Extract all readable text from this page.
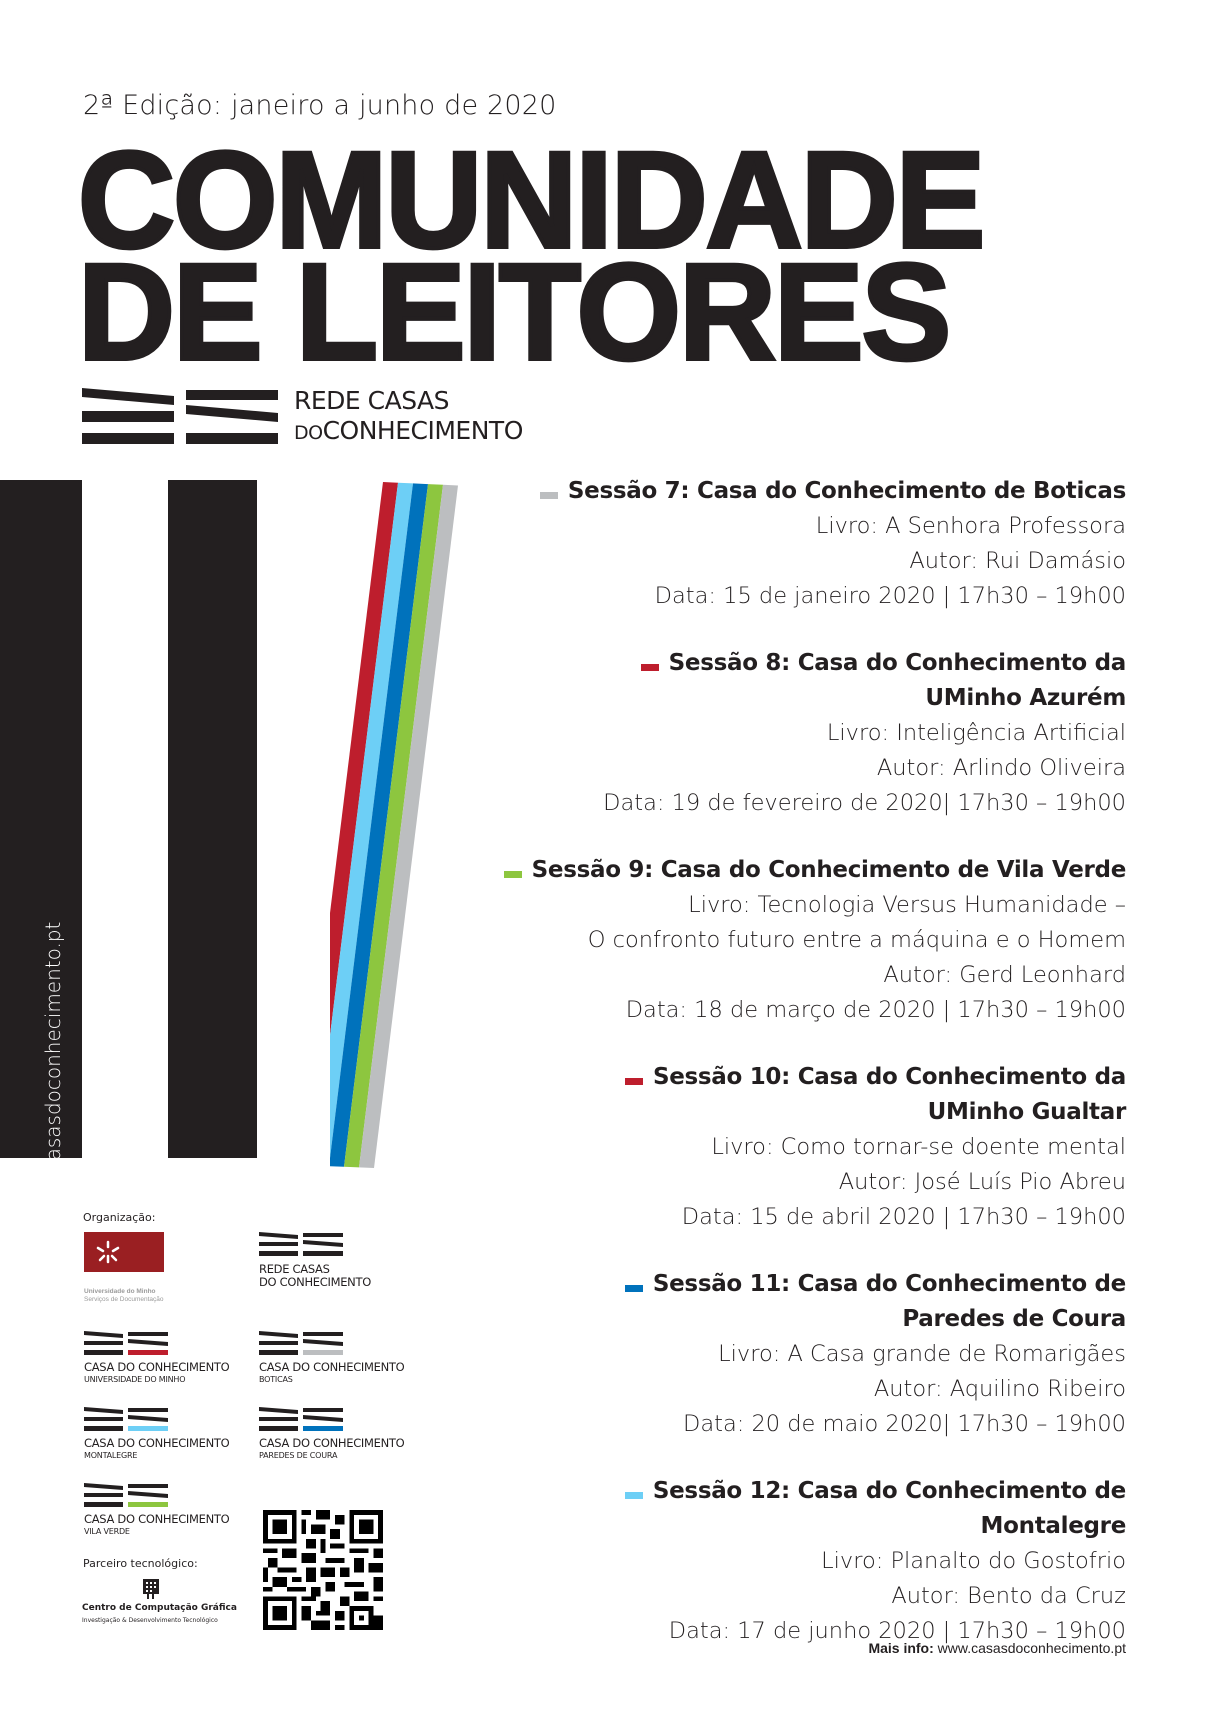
2ª Edição: janeiro a junho de 2020
COMUNIDADE
DE LEITORES
REDE CASAS
DOCONHECIMENTO
www.casasdoconhecimento.pt
Sessão 7: Casa do Conhecimento de Boticas
Livro: A Senhora Professora
Autor: Rui Damásio
Data: 15 de janeiro 2020 | 17h30 – 19h00
Sessão 8: Casa do Conhecimento da
UMinho Azurém
Livro: Inteligência Artificial
Autor: Arlindo Oliveira
Data: 19 de fevereiro de 2020| 17h30 – 19h00
Sessão 9: Casa do Conhecimento de Vila Verde
Livro: Tecnologia Versus Humanidade –
O confronto futuro entre a máquina e o Homem
Autor: Gerd Leonhard
Data: 18 de março de 2020 | 17h30 – 19h00
Sessão 10: Casa do Conhecimento da
UMinho Gualtar
Livro: Como tornar-se doente mental
Autor: José Luís Pio Abreu
Data: 15 de abril 2020 | 17h30 – 19h00
Sessão 11: Casa do Conhecimento de
Paredes de Coura
Livro: A Casa grande de Romarigães
Autor: Aquilino Ribeiro
Data: 20 de maio 2020| 17h30 – 19h00
Sessão 12: Casa do Conhecimento de Montalegre
Livro: Planalto do Gostofrio
Autor: Bento da Cruz
Data: 17 de junho 2020 | 17h30 – 19h00
Mais info: www.casasdoconhecimento.pt
Organização:
Universidade do Minho
Serviços de Documentação
REDE CASAS
DO CONHECIMENTO
CASA DO CONHECIMENTO
UNIVERSIDADE DO MINHO
CASA DO CONHECIMENTO
BOTICAS
CASA DO CONHECIMENTO
MONTALEGRE
CASA DO CONHECIMENTO
PAREDES DE COURA
CASA DO CONHECIMENTO
VILA VERDE
Parceiro tecnológico:
Centro de Computação Gráfica
Investigação & Desenvolvimento Tecnológico
